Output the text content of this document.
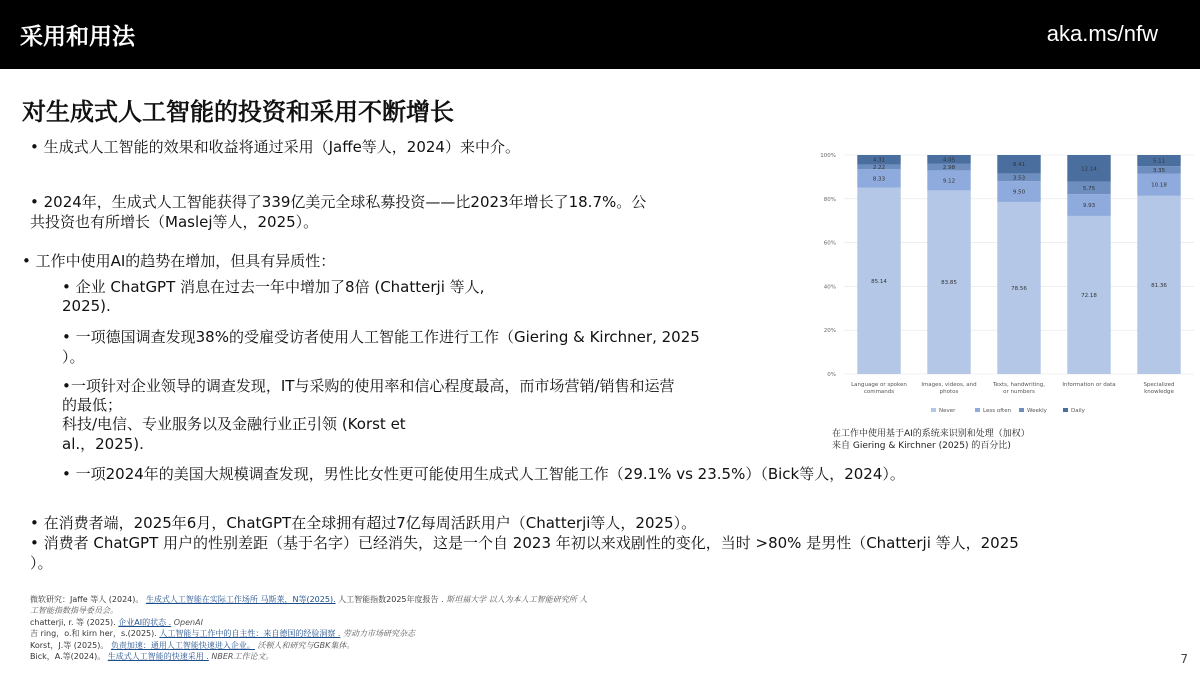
采用和用法	aka.ms/nfw
对生成式人工智能的投资和采用不断增长
• 生成式人工智能的效果和收益将通过采用（Jaffe等人，2024）来中介。
• 2024年，生成式人工智能获得了339亿美元全球私募投资——比2023年增长了18.7%。公
共投资也有所增长（Maslej等人，2025）。
• 工作中使用AI的趋势在增加，但具有异质性：
• 企业 ChatGPT 消息在过去一年中增加了8倍 (Chatterji 等人,
2025).
• 一项德国调查发现38%的受雇受访者使用人工智能工作进行工作（Giering & Kirchner, 2025
）。
•一项针对企业领导的调查发现，IT与采购的使用率和信心程度最高，而市场营销/销售和运营
的最低；
科技/电信、专业服务以及金融行业正引领 (Korst et
al.，2025).
• 一项2024年的美国大规模调查发现，男性比女性更可能使用生成式人工智能工作（29.1% vs 23.5%）（Bick等人，2024）。
• 在消费者端，2025年6月，ChatGPT在全球拥有超过7亿每周活跃用户（Chatterji等人，2025）。
• 消费者 ChatGPT 用户的性别差距（基于名字）已经消失，这是一个自 2023 年初以来戏剧性的变化，当时 >80% 是男性（Chatterji 等人，2025
）。
0%
20%
40%
60%
80%
100%
85.14
8.33
2.22
4.31
Language or spoken commands
83.85
9.12
2.98
4.05
Images, videos, and photos
78.56
9.50
3.53
8.41
Texts, handwriting, or numbers
72.18
9.93
5.75
12.14
Information or data
81.36
10.18
3.35
5.11
Specialized knowledge
Never	Less often	Weekly	Daily
在工作中使用基于AI的系统来识别和处理（加权）
来自 Giering & Kirchner (2025) 的百分比)
微软研究：Jaffe 等人 (2024)。 生成式人工智能在实际工作场所 马斯莱，N等(2025). 人工智能指数2025年度报告 . 斯坦福大学 以人为本人工智能研究所 人
工智能指数指导委员会。
chatterji, r. 等 (2025). 企业AI的状态 . OpenAI
吉 ring，o.和 kirn her，s.(2025). 人工智能与工作中的自主性：来自德国的经验洞察 . 劳动力市场研究杂志
Korst，J.等 (2025)。 负责加速：通用人工智能快速进入企业。 沃顿人和研究与GBK集体。
Bick，A.等(2024)。 生成式人工智能的快速采用 . NBER工作论文。	7
